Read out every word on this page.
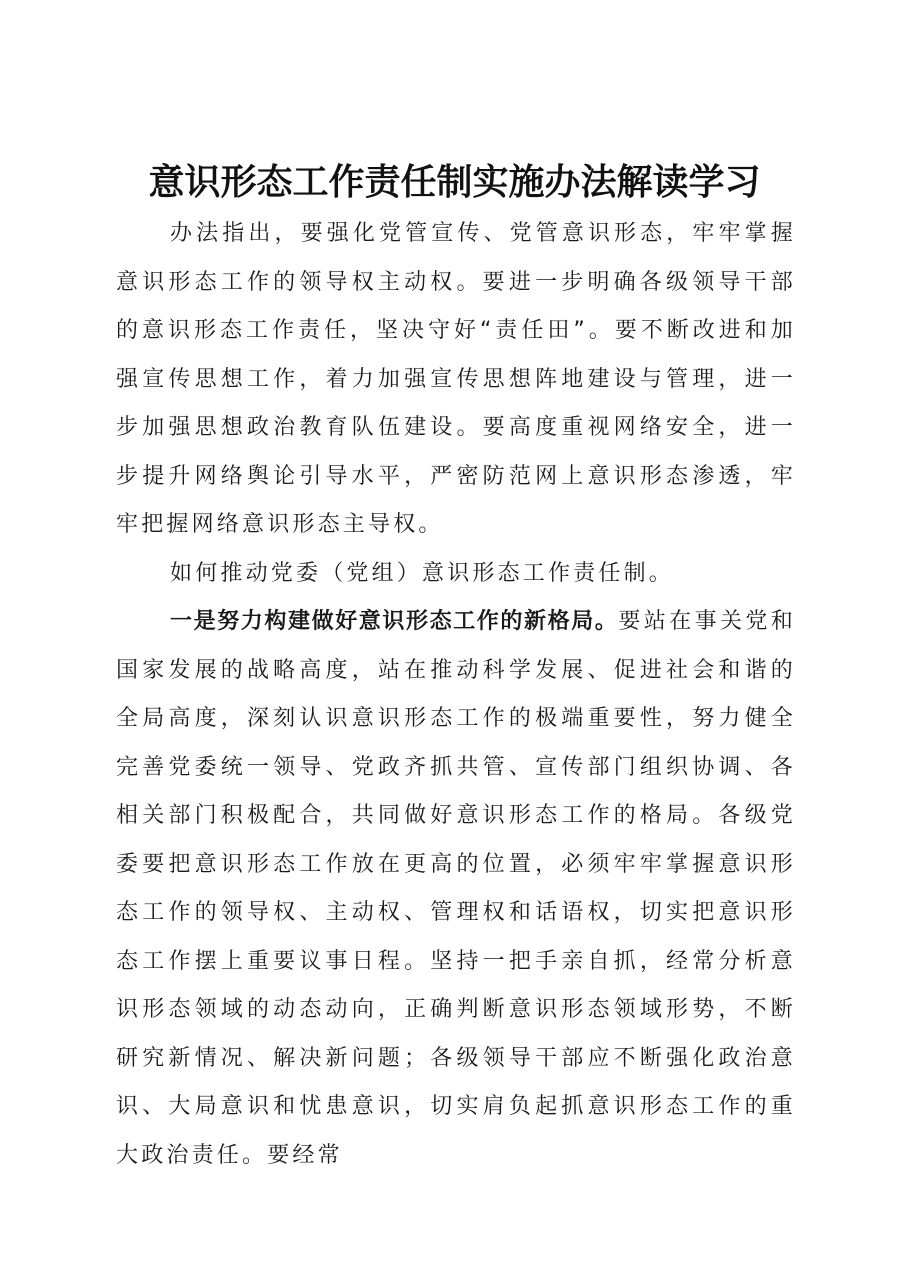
意识形态工作责任制实施办法解读学习

办法指出，要强化党管宣传、党管意识形态，牢牢掌握意识形态工作的领导权主动权。要进一步明确各级领导干部的意识形态工作责任，坚决守好“责任田”。要不断改进和加强宣传思想工作，着力加强宣传思想阵地建设与管理，进一步加强思想政治教育队伍建设。要高度重视网络安全，进一步提升网络舆论引导水平，严密防范网上意识形态渗透，牢牢把握网络意识形态主导权。

如何推动党委（党组）意识形态工作责任制。

一是努力构建做好意识形态工作的新格局。要站在事关党和国家发展的战略高度，站在推动科学发展、促进社会和谐的全局高度，深刻认识意识形态工作的极端重要性，努力健全完善党委统一领导、党政齐抓共管、宣传部门组织协调、各相关部门积极配合，共同做好意识形态工作的格局。各级党委要把意识形态工作放在更高的位置，必须牢牢掌握意识形态工作的领导权、主动权、管理权和话语权，切实把意识形态工作摆上重要议事日程。坚持一把手亲自抓，经常分析意识形态领域的动态动向，正确判断意识形态领域形势，不断研究新情况、解决新问题；各级领导干部应不断强化政治意识、大局意识和忧患意识，切实肩负起抓意识形态工作的重大政治责任。要经常
